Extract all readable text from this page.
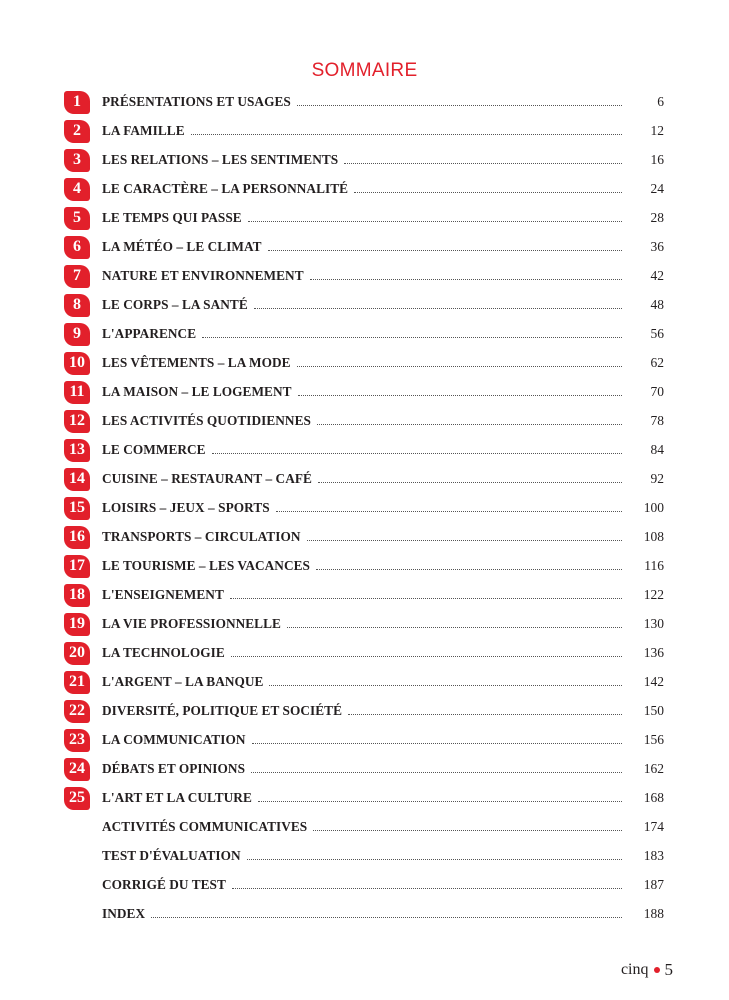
SOMMAIRE
1	PRÉSENTATIONS ET USAGES	6
2	LA FAMILLE	12
3	LES RELATIONS – LES SENTIMENTS	16
4	LE CARACTÈRE – LA PERSONNALITÉ	24
5	LE TEMPS QUI PASSE	28
6	LA MÉTÉO – LE CLIMAT	36
7	NATURE ET ENVIRONNEMENT	42
8	LE CORPS – LA SANTÉ	48
9	L'APPARENCE	56
10	LES VÊTEMENTS – LA MODE	62
11	LA MAISON – LE LOGEMENT	70
12	LES ACTIVITÉS QUOTIDIENNES	78
13	LE COMMERCE	84
14	CUISINE – RESTAURANT – CAFÉ	92
15	LOISIRS – JEUX – SPORTS	100
16	TRANSPORTS – CIRCULATION	108
17	LE TOURISME – LES VACANCES	116
18	L'ENSEIGNEMENT	122
19	LA VIE PROFESSIONNELLE	130
20	LA TECHNOLOGIE	136
21	L'ARGENT – LA BANQUE	142
22	DIVERSITÉ, POLITIQUE ET SOCIÉTÉ	150
23	LA COMMUNICATION	156
24	DÉBATS ET OPINIONS	162
25	L'ART ET LA CULTURE	168
ACTIVITÉS COMMUNICATIVES	174
TEST D'ÉVALUATION	183
CORRIGÉ DU TEST	187
INDEX	188
cinq 5
